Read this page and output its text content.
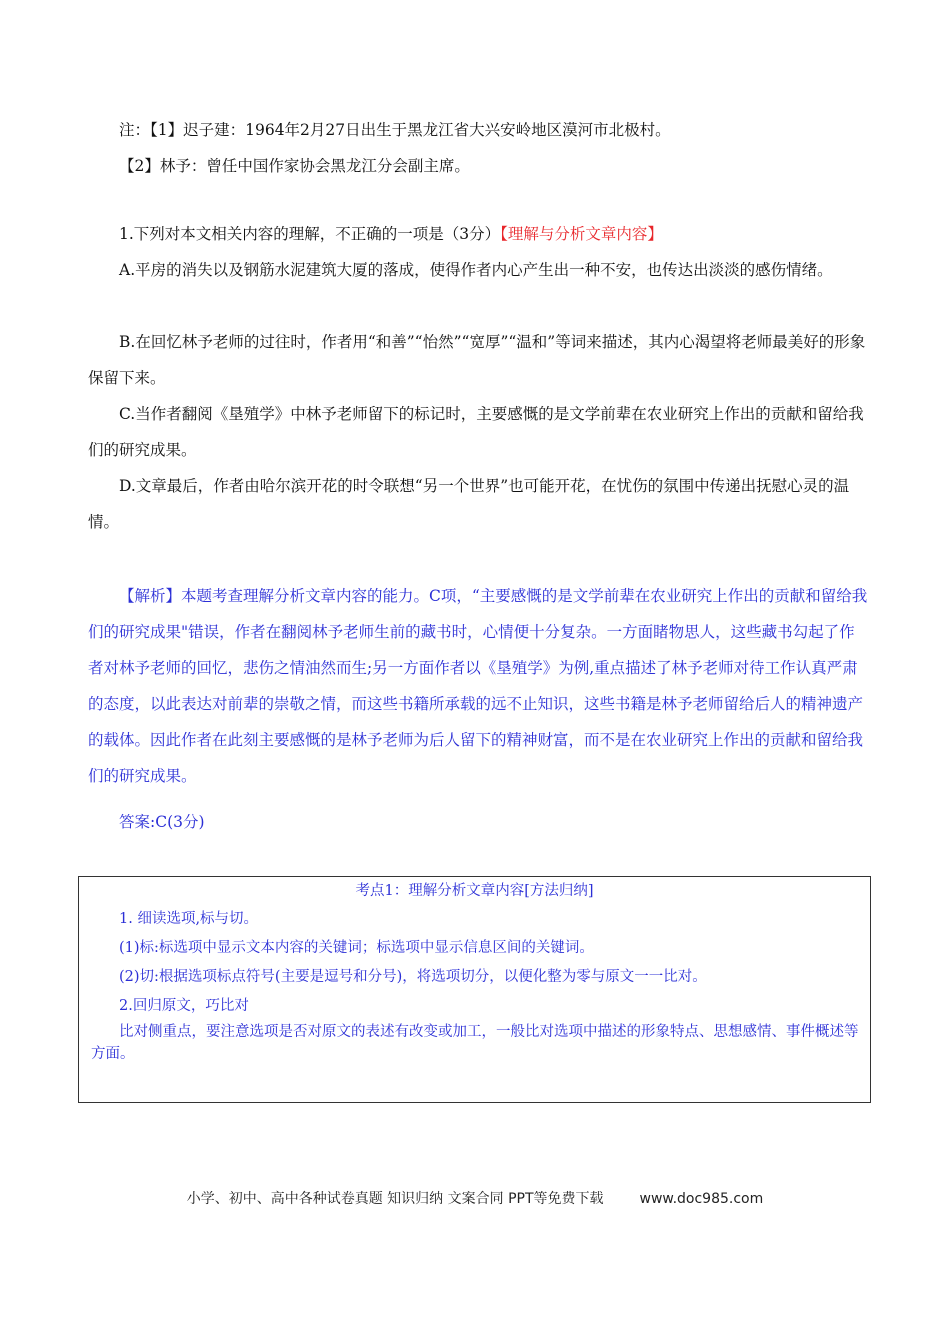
注：【1】迟子建：1964年2月27日出生于黑龙江省大兴安岭地区漠河市北极村。

【2】林予：曾任中国作家协会黑龙江分会副主席。

1.下列对本文相关内容的理解，不正确的一项是（3分）【理解与分析文章内容】

A.平房的消失以及钢筋水泥建筑大厦的落成，使得作者内心产生出一种不安，也传达出淡淡的感伤情绪。

B.在回忆林予老师的过往时，作者用“和善”“怡然”“宽厚”“温和”等词来描述，其内心渴望将老师最美好的形象保留下来。

C.当作者翻阅《垦殖学》中林予老师留下的标记时，主要感慨的是文学前辈在农业研究上作出的贡献和留给我们的研究成果。

D.文章最后，作者由哈尔滨开花的时令联想“另一个世界”也可能开花，在忧伤的氛围中传递出抚慰心灵的温情。

【解析】本题考查理解分析文章内容的能力。C项，“主要感慨的是文学前辈在农业研究上作出的贡献和留给我们的研究成果"错误，作者在翻阅林予老师生前的藏书时，心情便十分复杂。一方面睹物思人，这些藏书勾起了作者对林予老师的回忆，悲伤之情油然而生;另一方面作者以《垦殖学》为例,重点描述了林予老师对待工作认真严肃的态度，以此表达对前辈的崇敬之情，而这些书籍所承载的远不止知识，这些书籍是林予老师留给后人的精神遗产的载体。因此作者在此刻主要感慨的是林予老师为后人留下的精神财富，而不是在农业研究上作出的贡献和留给我们的研究成果。

答案:C(3分)

考点1：理解分析文章内容[方法归纳]
1. 细读选项,标与切。
(1)标:标选项中显示文本内容的关键词；标选项中显示信息区间的关键词。
(2)切:根据选项标点符号(主要是逗号和分号)，将选项切分，以便化整为零与原文一一比对。
2.回归原文，巧比对
比对侧重点，要注意选项是否对原文的表述有改变或加工，一般比对选项中描述的形象特点、思想感情、事件概述等方面。
小学、初中、高中各种试卷真题 知识归纳 文案合同 PPT等免费下载	www.doc985.com
